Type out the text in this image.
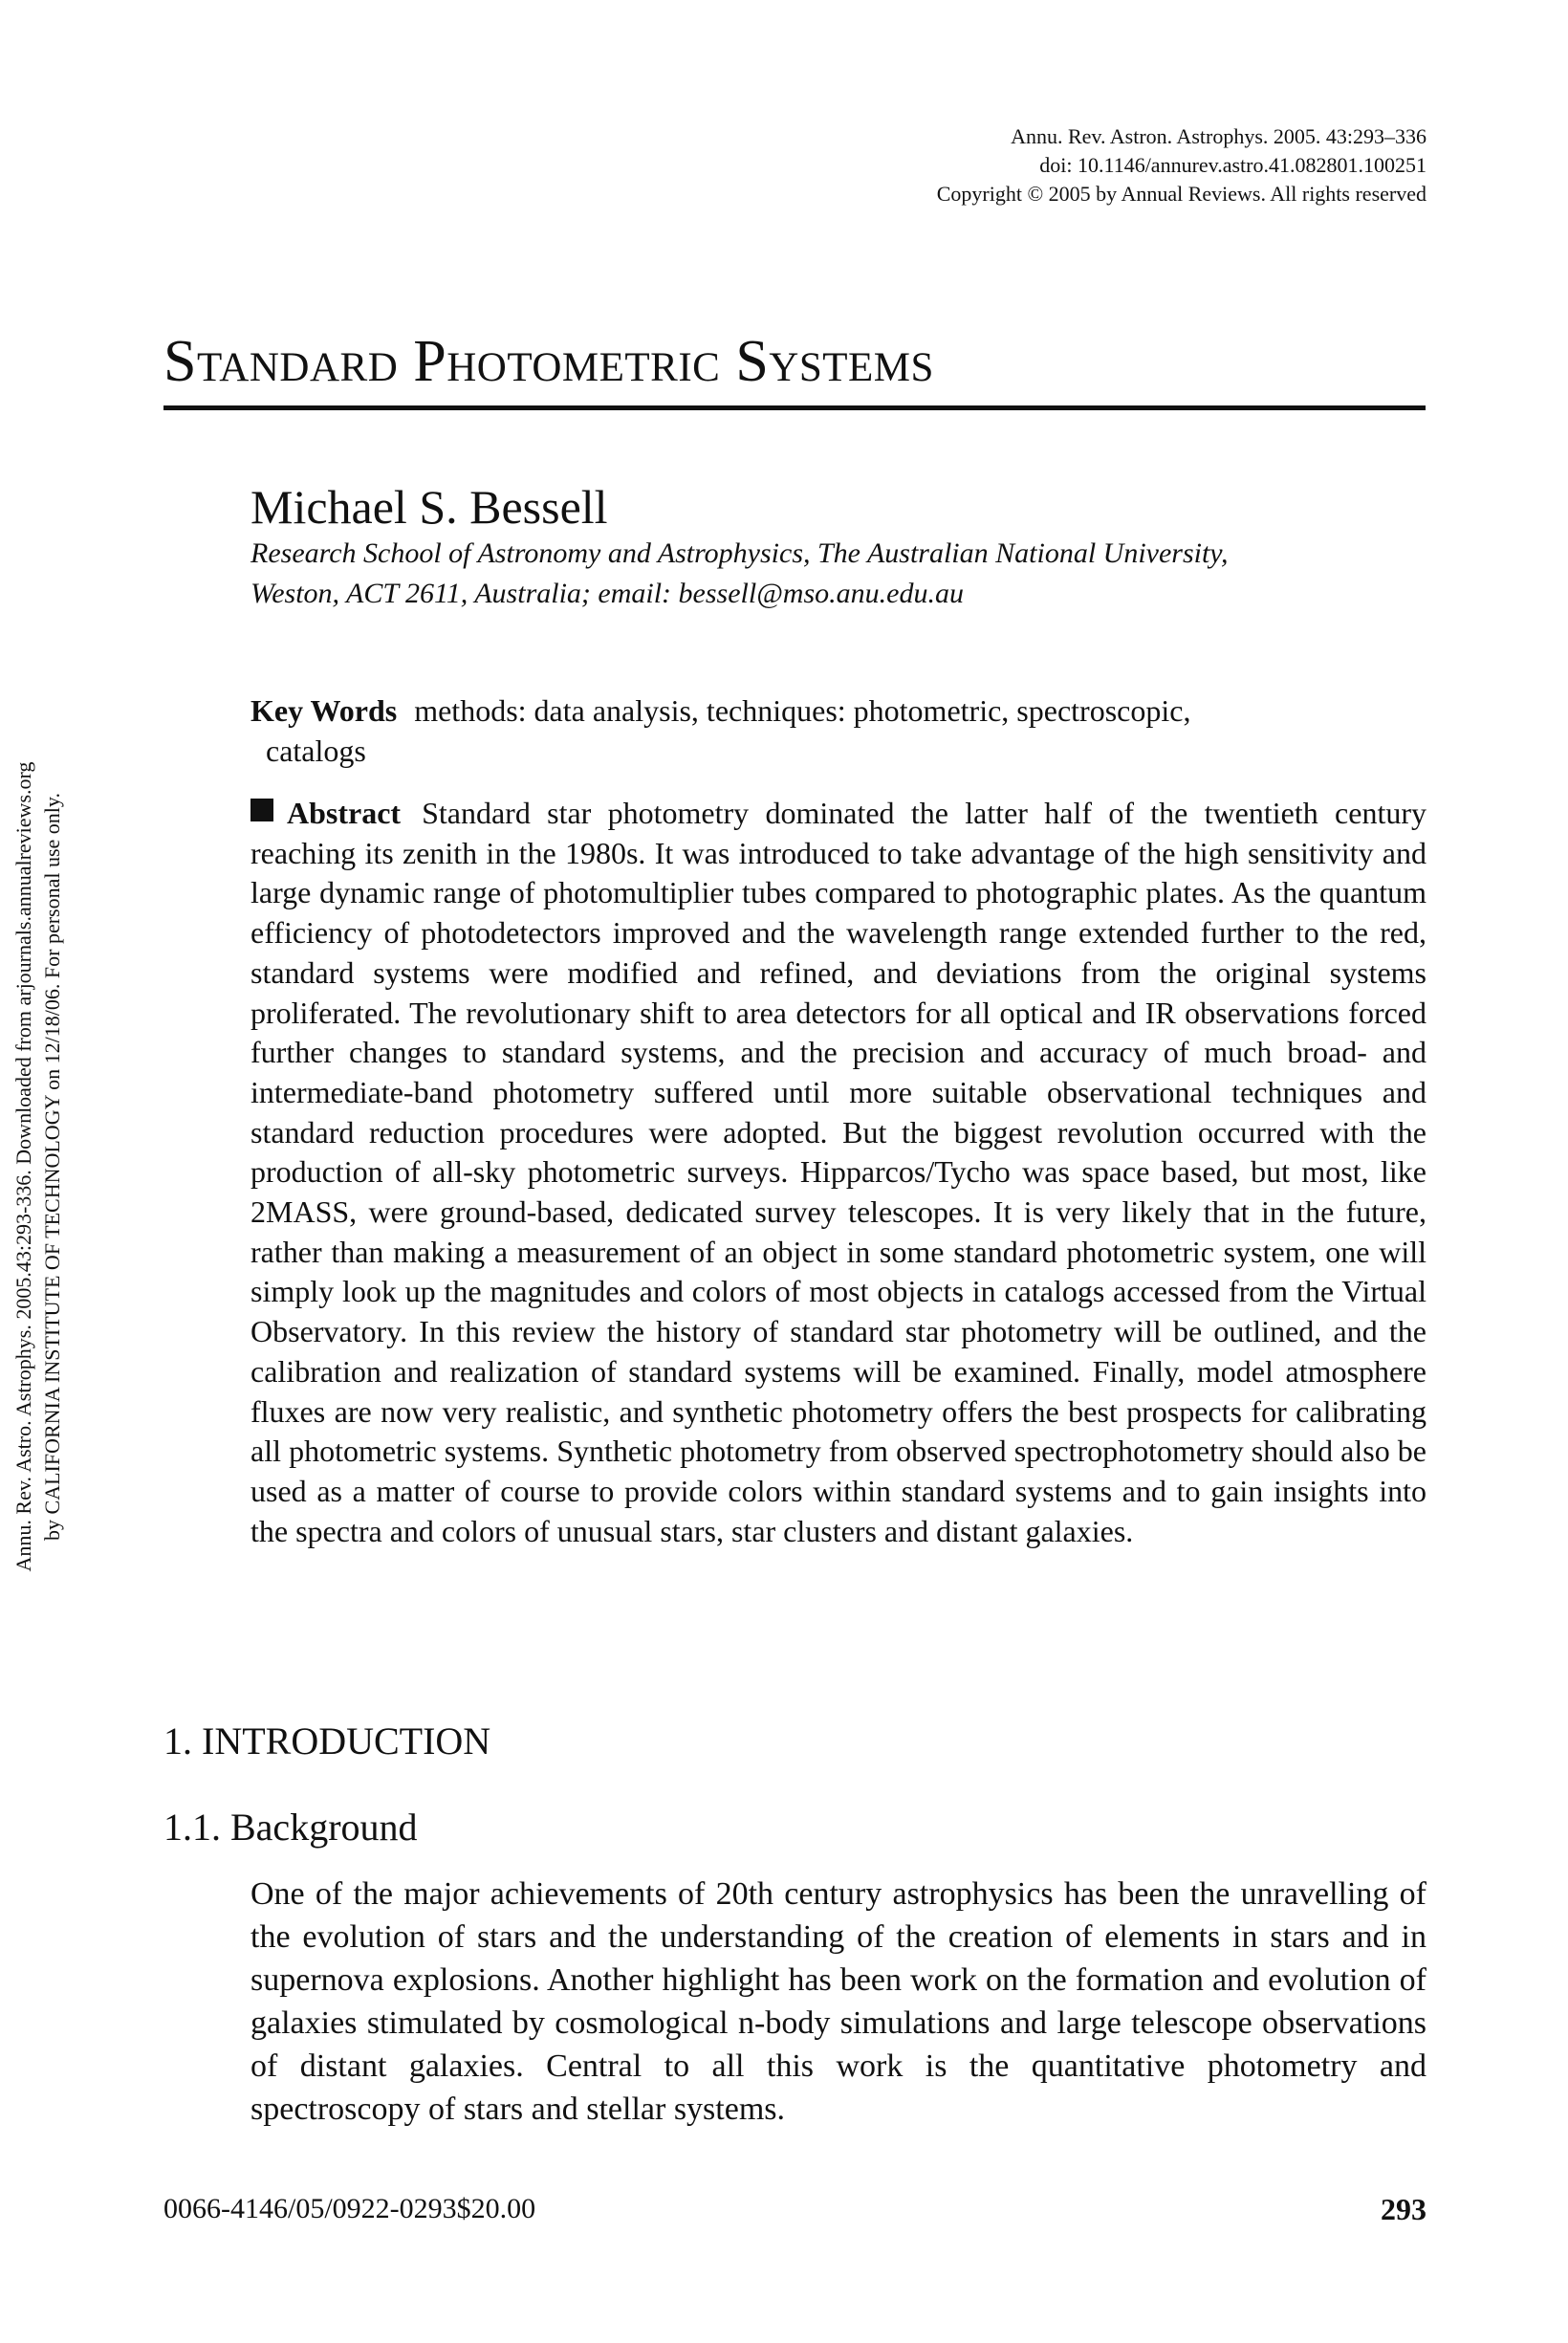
Annu. Rev. Astron. Astrophys. 2005. 43:293–336
doi: 10.1146/annurev.astro.41.082801.100251
Copyright © 2005 by Annual Reviews. All rights reserved
Standard Photometric Systems
Michael S. Bessell
Research School of Astronomy and Astrophysics, The Australian National University,
Weston, ACT 2611, Australia; email: bessell@mso.anu.edu.au
Key Words methods: data analysis, techniques: photometric, spectroscopic,
catalogs
Abstract Standard star photometry dominated the latter half of the twentieth century reaching its zenith in the 1980s. It was introduced to take advantage of the high sensitivity and large dynamic range of photomultiplier tubes compared to photographic plates. As the quantum efficiency of photodetectors improved and the wavelength range extended further to the red, standard systems were modified and refined, and deviations from the original systems proliferated. The revolutionary shift to area detectors for all optical and IR observations forced further changes to standard systems, and the precision and accuracy of much broad- and intermediate-band photometry suffered until more suitable observational techniques and standard reduction procedures were adopted. But the biggest revolution occurred with the production of all-sky photometric surveys. Hipparcos/Tycho was space based, but most, like 2MASS, were ground-based, dedicated survey telescopes. It is very likely that in the future, rather than making a measurement of an object in some standard photometric system, one will simply look up the magnitudes and colors of most objects in catalogs accessed from the Virtual Observatory. In this review the history of standard star photometry will be outlined, and the calibration and realization of standard systems will be examined. Finally, model atmosphere fluxes are now very realistic, and synthetic photometry offers the best prospects for calibrating all photometric systems. Synthetic photometry from observed spectrophotometry should also be used as a matter of course to provide colors within standard systems and to gain insights into the spectra and colors of unusual stars, star clusters and distant galaxies.
1. INTRODUCTION
1.1. Background
One of the major achievements of 20th century astrophysics has been the unravelling of the evolution of stars and the understanding of the creation of elements in stars and in supernova explosions. Another highlight has been work on the formation and evolution of galaxies stimulated by cosmological n-body simulations and large telescope observations of distant galaxies. Central to all this work is the quantitative photometry and spectroscopy of stars and stellar systems.
0066-4146/05/0922-0293$20.00	293
Annu. Rev. Astro. Astrophys. 2005.43:293-336. Downloaded from arjournals.annualreviews.org by CALIFORNIA INSTITUTE OF TECHNOLOGY on 12/18/06. For personal use only.
